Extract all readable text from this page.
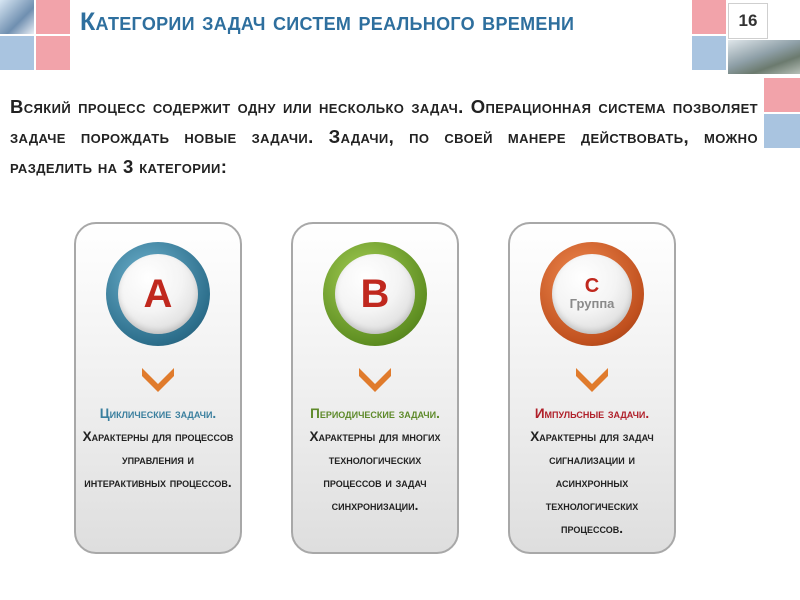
Категории задач систем реального времени	16
Всякий процесс содержит одну или несколько задач. Операционная система позволяет задаче порождать новые задачи. Задачи, по своей манере действовать, можно разделить на 3 категории:
A
Циклические задачи. Характерны для процессов управления и интерактивных процессов.
B
Периодические задачи. Характерны для многих технологических процессов и задач синхронизации.
C
Группа
Импульсные задачи. Характерны для задач сигнализации и асинхронных технологических процессов.
